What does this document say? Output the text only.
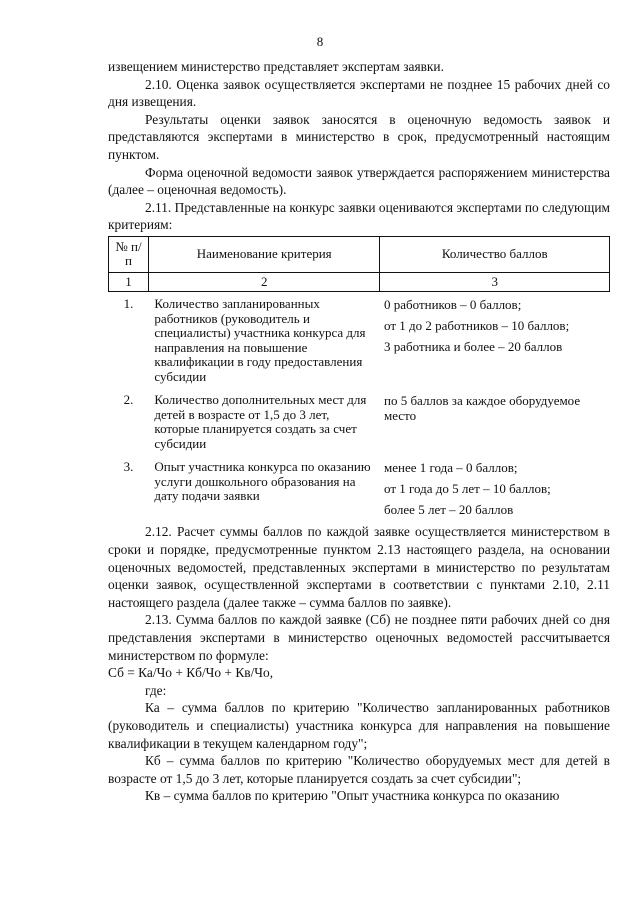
8

извещением министерство представляет экспертам заявки.

2.10. Оценка заявок осуществляется экспертами не позднее 15 рабочих дней со дня извещения.

Результаты оценки заявок заносятся в оценочную ведомость заявок и представляются экспертами в министерство в срок, предусмотренный настоящим пунктом.

Форма оценочной ведомости заявок утверждается распоряжением министерства (далее – оценочная ведомость).

2.11. Представленные на конкурс заявки оцениваются экспертами по следующим критериям:

№ п/п	Наименование критерия	Количество баллов
1	2	3
1.	Количество запланированных работников (руководитель и специалисты) участника конкурса для направления на повышение квалификации в году предоставления субсидии	0 работников – 0 баллов;
от 1 до 2 работников – 10 баллов;
3 работника и более – 20 баллов

2.	Количество дополнительных мест для детей в возрасте от 1,5 до 3 лет, которые планируется создать за счет субсидии	по 5 баллов за каждое оборудуемое место

3.	Опыт участника конкурса по оказанию услуги дошкольного образования на дату подачи заявки	менее 1 года – 0 баллов;
от 1 года до 5 лет – 10 баллов;
более 5 лет – 20 баллов

2.12. Расчет суммы баллов по каждой заявке осуществляется министерством в сроки и порядке, предусмотренные пунктом 2.13 настоящего раздела, на основании оценочных ведомостей, представленных экспертами в министерство по результатам оценки заявок, осуществленной экспертами в соответствии с пунктами 2.10, 2.11 настоящего раздела (далее также – сумма баллов по заявке).

2.13. Сумма баллов по каждой заявке (Сб) не позднее пяти рабочих дней со дня представления экспертами в министерство оценочных ведомостей рассчитывается министерством по формуле:

Сб = Ка/Чо + Кб/Чо + Кв/Чо,

где:

Ка – сумма баллов по критерию "Количество запланированных работников (руководитель и специалисты) участника конкурса для направления на повышение квалификации в текущем календарном году";

Кб – сумма баллов по критерию "Количество оборудуемых мест для детей в возрасте от 1,5 до 3 лет, которые планируется создать за счет субсидии";

Кв – сумма баллов по критерию "Опыт участника конкурса по оказанию
